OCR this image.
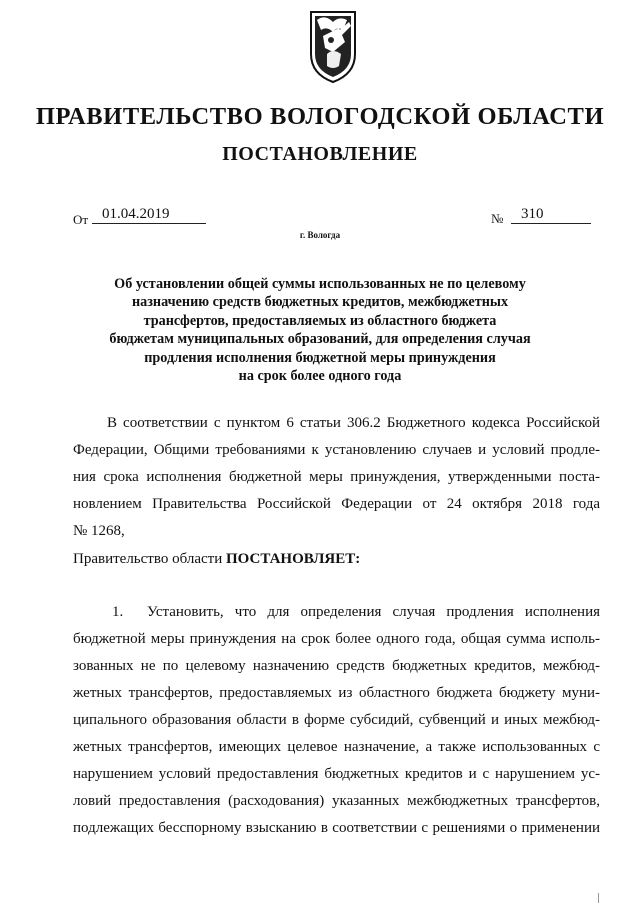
ПРАВИТЕЛЬСТВО ВОЛОГОДСКОЙ ОБЛАСТИ
ПОСТАНОВЛЕНИЕ
От 01.04.2019	№	310
г. Вологда
Об установлении общей суммы использованных не по целевому
назначению средств бюджетных кредитов, межбюджетных
трансфертов, предоставляемых из областного бюджета
бюджетам муниципальных образований, для определения случая
продления исполнения бюджетной меры принуждения
на срок более одного года
В соответствии с пунктом 6 статьи 306.2 Бюджетного кодекса Российской
Федерации, Общими требованиями к установлению случаев и условий продле-
ния срока исполнения бюджетной меры принуждения, утвержденными поста-
новлением Правительства Российской Федерации от 24 октября 2018 года
№ 1268,
Правительство области ПОСТАНОВЛЯЕТ:
1. Установить, что для определения случая продления исполнения
бюджетной меры принуждения на срок более одного года, общая сумма исполь-
зованных не по целевому назначению средств бюджетных кредитов, межбюд-
жетных трансфертов, предоставляемых из областного бюджета бюджету муни-
ципального образования области в форме субсидий, субвенций и иных межбюд-
жетных трансфертов, имеющих целевое назначение, а также использованных с
нарушением условий предоставления бюджетных кредитов и с нарушением ус-
ловий предоставления (расходования) указанных межбюджетных трансфертов,
подлежащих бесспорному взысканию в соответствии с решениями о применении
